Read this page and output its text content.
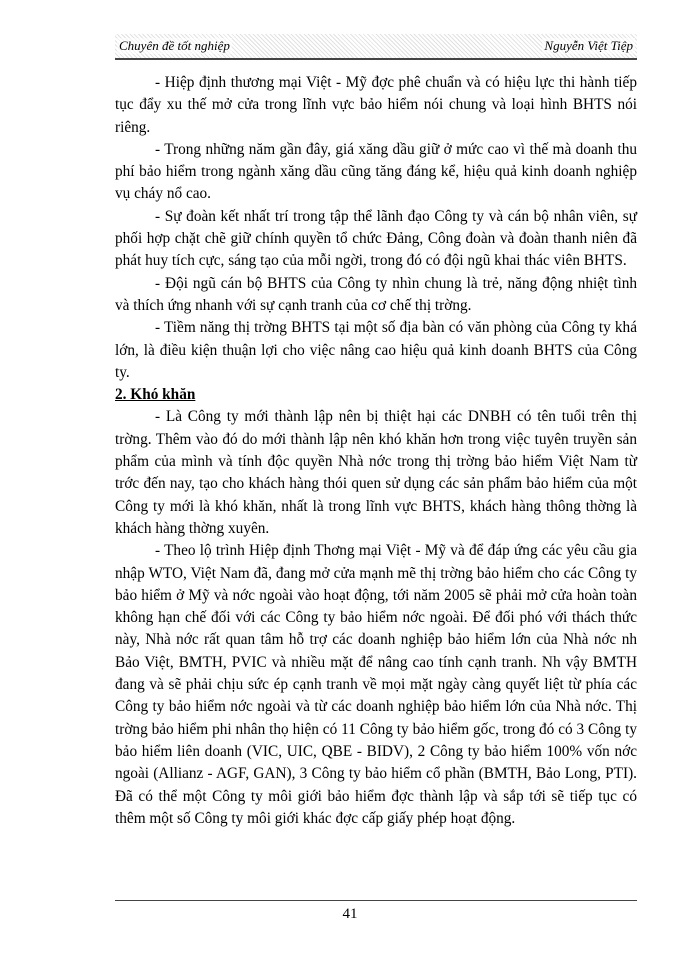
Chuyên đề tốt nghiệp	Nguyễn Việt Tiệp

- Hiệp định thương mại Việt - Mỹ đợc phê chuẩn và có hiệu lực thi hành tiếp tục đẩy xu thế mở cửa trong lĩnh vực bảo hiểm nói chung và loại hình BHTS nói riêng.

- Trong những năm gần đây, giá xăng dầu giữ ở mức cao vì thế mà doanh thu phí bảo hiểm trong ngành xăng dầu cũng tăng đáng kể, hiệu quả kinh doanh nghiệp vụ cháy nổ cao.

- Sự đoàn kết nhất trí trong tập thể lãnh đạo Công ty và cán bộ nhân viên, sự phối hợp chặt chẽ giữ chính quyền tổ chức Đảng, Công đoàn và đoàn thanh niên đã phát huy tích cực, sáng tạo của mỗi ngời, trong đó có đội ngũ khai thác viên BHTS.

- Đội ngũ cán bộ BHTS của Công ty nhìn chung là trẻ, năng động nhiệt tình và thích ứng nhanh với sự cạnh tranh của cơ chế thị trờng.

- Tiềm năng thị trờng BHTS tại một số địa bàn có văn phòng của Công ty khá lớn, là điều kiện thuận lợi cho việc nâng cao hiệu quả kinh doanh BHTS của Công ty.

2. Khó khăn

- Là Công ty mới thành lập nên bị thiệt hại các DNBH có tên tuổi trên thị trờng. Thêm vào đó do mới thành lập nên khó khăn hơn trong việc tuyên truyền sản phẩm của mình và tính độc quyền Nhà nớc trong thị trờng bảo hiểm Việt Nam từ trớc đến nay, tạo cho khách hàng thói quen sử dụng các sản phẩm bảo hiểm của một Công ty mới là khó khăn, nhất là trong lĩnh vực BHTS, khách hàng thông thờng là khách hàng thờng xuyên.

- Theo lộ trình Hiệp định Thơng mại Việt - Mỹ và để đáp ứng các yêu cầu gia nhập WTO, Việt Nam đã, đang mở cửa mạnh mẽ thị trờng bảo hiểm cho các Công ty bảo hiểm ở Mỹ và nớc ngoài vào hoạt động, tới năm 2005 sẽ phải mở cửa hoàn toàn không hạn chế đối với các Công ty bảo hiểm nớc ngoài. Để đối phó với thách thức này, Nhà nớc rất quan tâm hỗ trợ các doanh nghiệp bảo hiểm lớn của Nhà nớc nh Bảo Việt, BMTH, PVIC và nhiều mặt để nâng cao tính cạnh tranh. Nh vậy BMTH đang và sẽ phải chịu sức ép cạnh tranh về mọi mặt ngày càng quyết liệt từ phía các Công ty bảo hiểm nớc ngoài và từ các doanh nghiệp bảo hiểm lớn của Nhà nớc. Thị trờng bảo hiểm phi nhân thọ hiện có 11 Công ty bảo hiểm gốc, trong đó có 3 Công ty bảo hiểm liên doanh (VIC, UIC, QBE - BIDV), 2 Công ty bảo hiểm 100% vốn nớc ngoài (Allianz - AGF, GAN), 3 Công ty bảo hiểm cổ phần (BMTH, Bảo Long, PTI). Đã có thể một Công ty môi giới bảo hiểm đợc thành lập và sắp tới sẽ tiếp tục có thêm một số Công ty môi giới khác đợc cấp giấy phép hoạt động.

41
